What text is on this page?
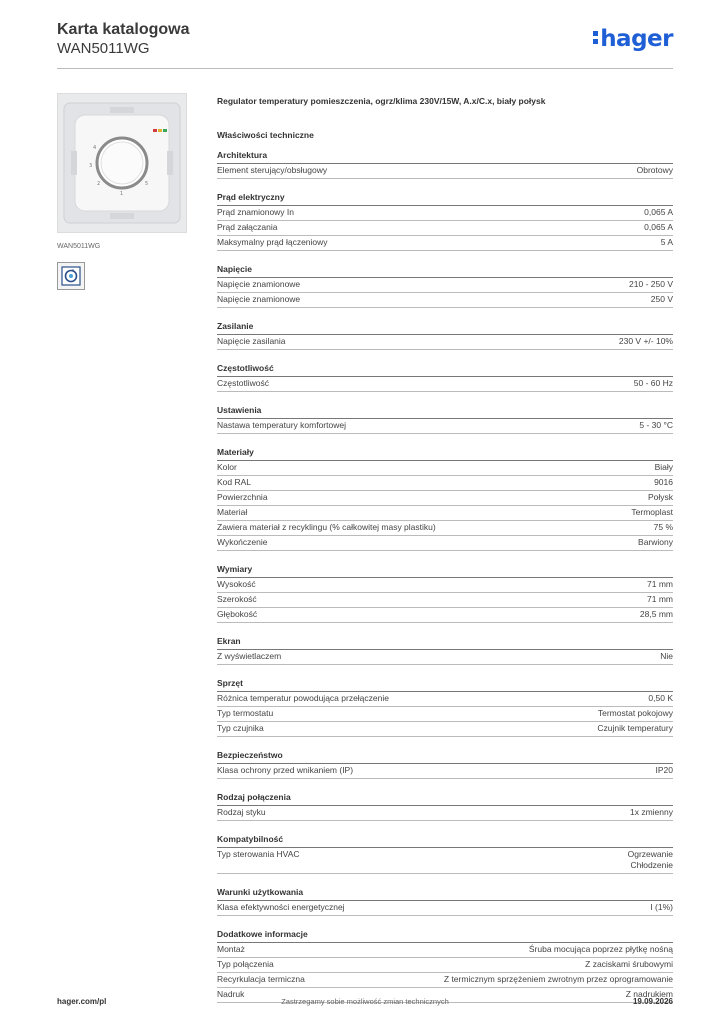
Karta katalogowa
WAN5011WG	hager
4
3
2
1
5
WAN5011WG
Regulator temperatury pomieszczenia, ogrz/klima 230V/15W, A.x/C.x, biały połysk
Właściwości techniczne
Architektura
Element sterujący/obsługowy	Obrotowy
Prąd elektryczny
Prąd znamionowy In	0,065 A
Prąd załączania	0,065 A
Maksymalny prąd łączeniowy	5 A
Napięcie
Napięcie znamionowe	210 - 250 V
Napięcie znamionowe	250 V
Zasilanie
Napięcie zasilania	230 V +/- 10%
Częstotliwość
Częstotliwość	50 - 60 Hz
Ustawienia
Nastawa temperatury komfortowej	5 - 30 °C
Materiały
Kolor	Biały
Kod RAL	9016
Powierzchnia	Połysk
Materiał	Termoplast
Zawiera materiał z recyklingu (% całkowitej masy plastiku)	75 %
Wykończenie	Barwiony
Wymiary
Wysokość	71 mm
Szerokość	71 mm
Głębokość	28,5 mm
Ekran
Z wyświetlaczem	Nie
Sprzęt
Różnica temperatur powodująca przełączenie	0,50 K
Typ termostatu	Termostat pokojowy
Typ czujnika	Czujnik temperatury
Bezpieczeństwo
Klasa ochrony przed wnikaniem (IP)	IP20
Rodzaj połączenia
Rodzaj styku	1x zmienny
Kompatybilność
Typ sterowania HVAC	Ogrzewanie
Chłodzenie
Warunki użytkowania
Klasa efektywności energetycznej	I (1%)
Dodatkowe informacje
Montaż	Śruba mocująca poprzez płytkę nośną
Typ połączenia	Z zaciskami śrubowymi
Recyrkulacja termiczna	Z termicznym sprzężeniem zwrotnym przez oprogramowanie
Nadruk	Z nadrukiem
hager.com/pl	Zastrzegamy sobie możliwość zmian technicznych	19.09.2026
